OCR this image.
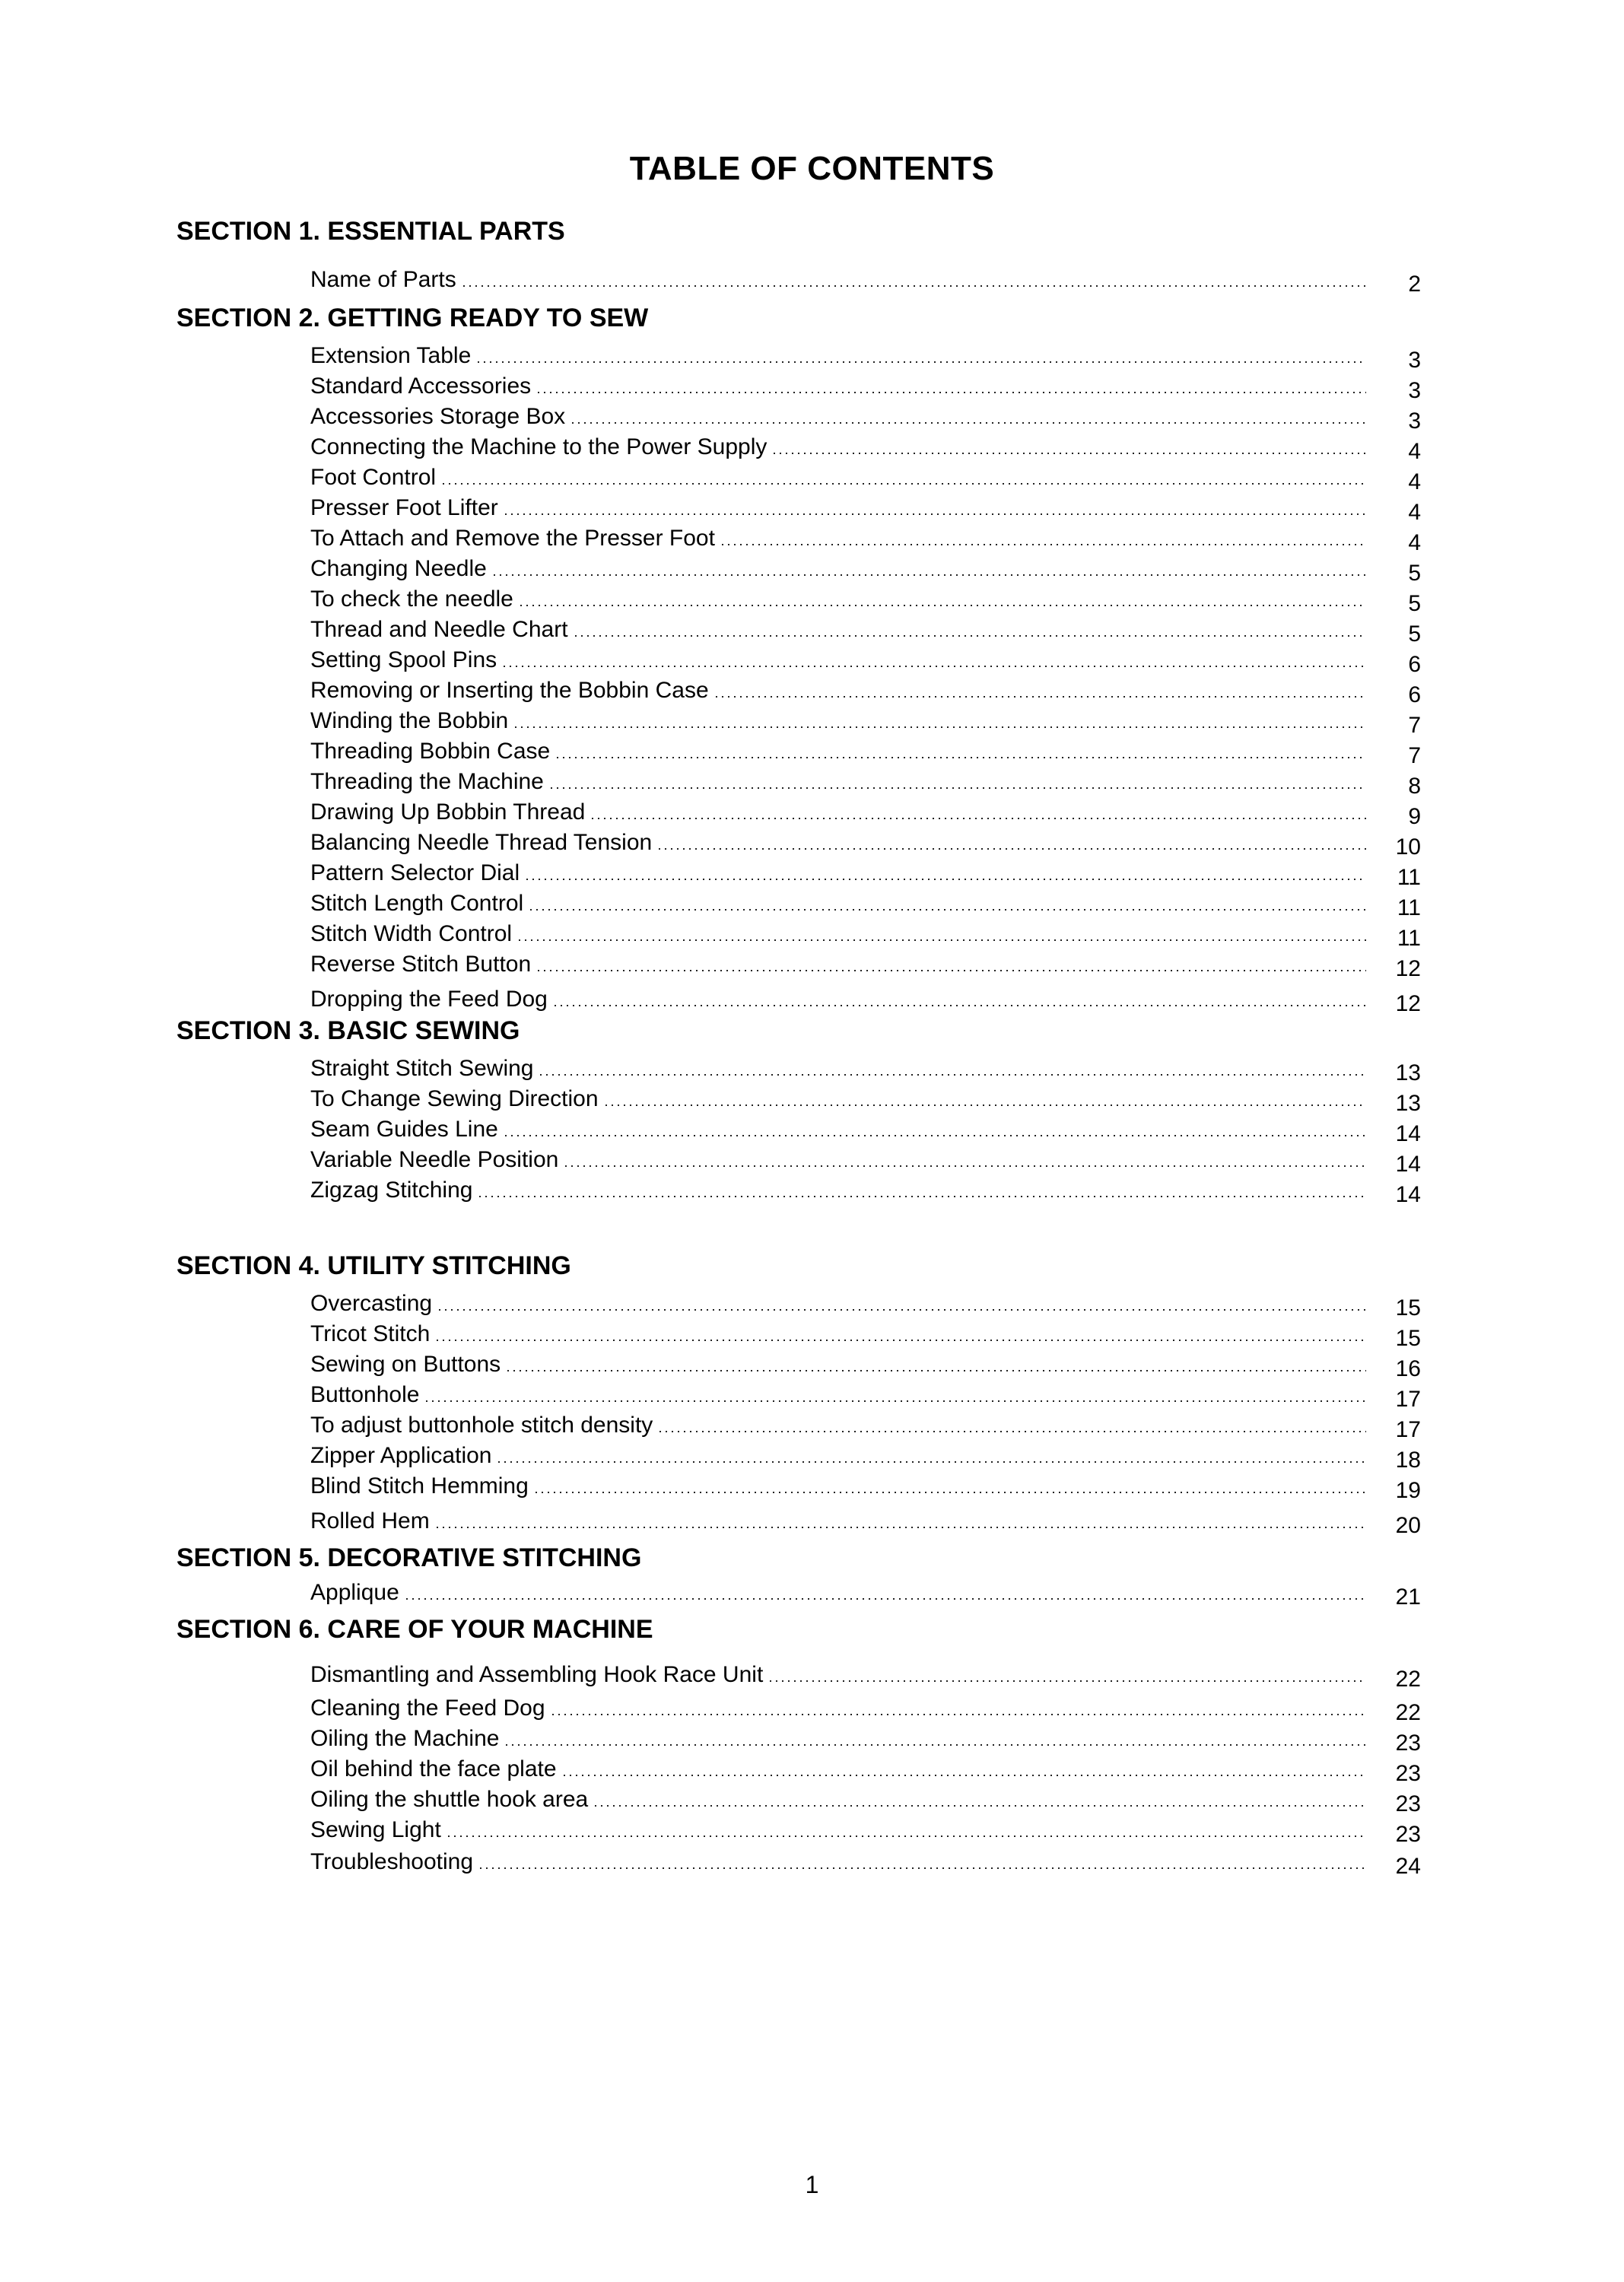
TABLE OF CONTENTS
SECTION 1. ESSENTIAL PARTS
Name of Parts	2
SECTION 2. GETTING READY TO SEW
Extension Table	3
Standard Accessories	3
Accessories Storage Box	3
Connecting the Machine to the Power Supply	4
Foot Control	4
Presser Foot Lifter	4
To Attach and Remove the Presser Foot	4
Changing Needle	5
To check the needle	5
Thread and Needle Chart	5
Setting Spool Pins	6
Removing or Inserting the Bobbin Case	6
Winding the Bobbin	7
Threading Bobbin Case	7
Threading the Machine	8
Drawing Up Bobbin Thread	9
Balancing Needle Thread Tension	10
Pattern Selector Dial	11
Stitch Length Control	11
Stitch Width Control	11
Reverse Stitch Button	12
Dropping the Feed Dog	12
SECTION 3. BASIC SEWING
Straight Stitch Sewing	13
To Change Sewing Direction	13
Seam Guides Line	14
Variable Needle Position	14
Zigzag Stitching	14
SECTION 4. UTILITY STITCHING
Overcasting	15
Tricot Stitch	15
Sewing on Buttons	16
Buttonhole	17
To adjust buttonhole stitch density	17
Zipper Application	18
Blind Stitch Hemming	19
Rolled Hem	20
SECTION 5. DECORATIVE STITCHING
Applique	21
SECTION 6. CARE OF YOUR MACHINE
Dismantling and Assembling Hook Race Unit	22
Cleaning the Feed Dog	22
Oiling the Machine	23
Oil behind the face plate	23
Oiling the shuttle hook area	23
Sewing Light	23
Troubleshooting	24
1
